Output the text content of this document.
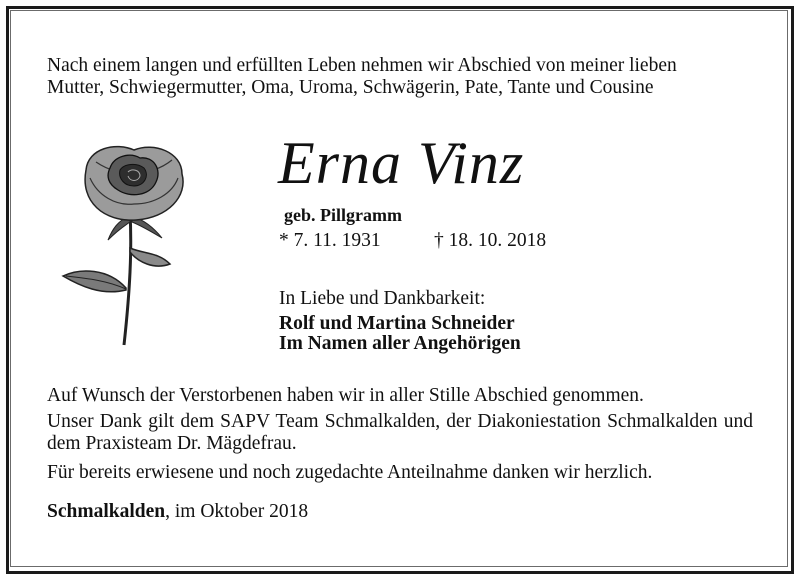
Nach einem langen und erfüllten Leben nehmen wir Abschied von meiner lieben
Mutter, Schwiegermutter, Oma, Uroma, Schwägerin, Pate, Tante und Cousine
Erna Vinz
geb. Pillgramm
* 7. 11. 1931	† 18. 10. 2018
In Liebe und Dankbarkeit:
Rolf und Martina Schneider
Im Namen aller Angehörigen
Auf Wunsch der Verstorbenen haben wir in aller Stille Abschied genommen.
Unser Dank gilt dem SAPV Team Schmalkalden, der Diakoniestation Schmalkalden und dem Praxisteam Dr. Mägdefrau.
Für bereits erwiesene und noch zugedachte Anteilnahme danken wir herzlich.
Schmalkalden, im Oktober 2018
